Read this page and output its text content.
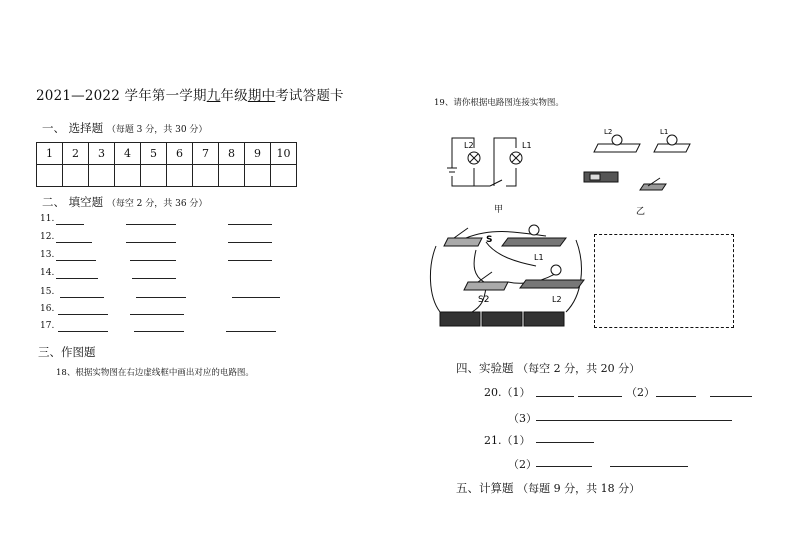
2021—2022 学年第一学期九年级期中考试答题卡
一、 选择题 （每题 3 分，共 30 分）
1	2	3	4	5	6	7	8	9	10

二、 填空题 （每空 2 分，共 36 分）
11.
12.
13.
14.
15.
16.
17.
三、作图题
18、根据实物图在右边虚线框中画出对应的电路图。
19、请你根据电路图连接实物图。
L2	L1
甲
L2	L1
乙
S
L1
S2	L2
四、实验题 （每空 2 分，共 20 分）
20.（1）	（2）
（3）
21.（1）
（2）
五、计算题 （每题 9 分，共 18 分）
